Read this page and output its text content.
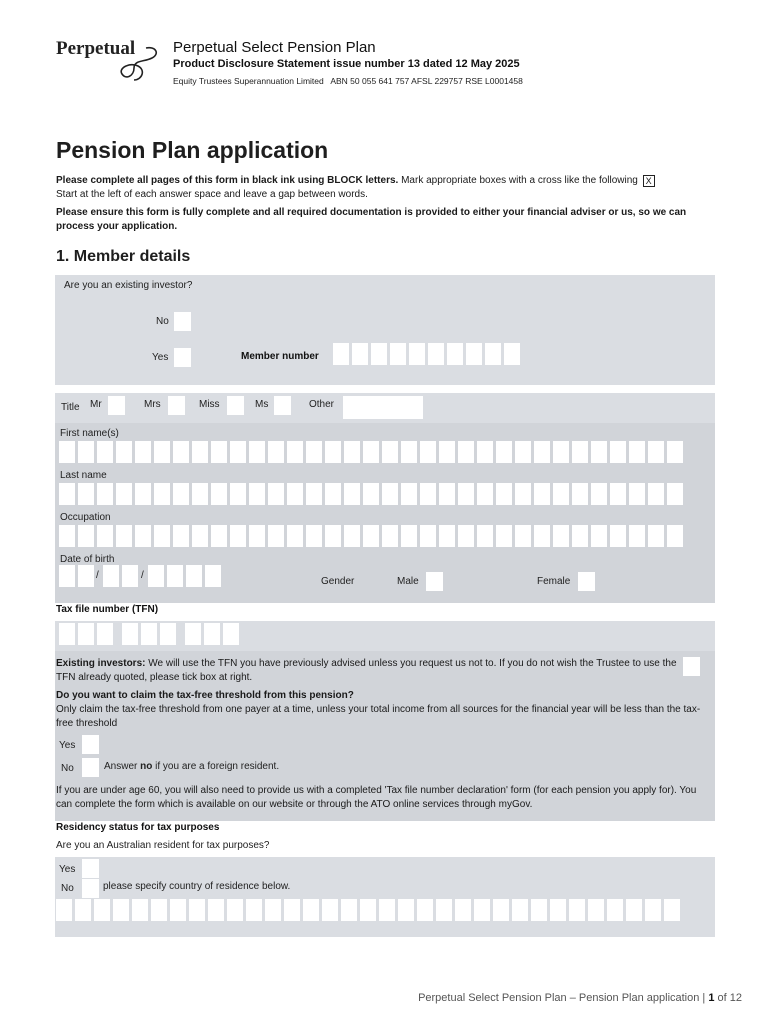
Perpetual	Perpetual Select Pension Plan
Product Disclosure Statement issue number 13 dated 12 May 2025
Equity Trustees Superannuation Limited   ABN 50 055 641 757 AFSL 229757 RSE L0001458
Pension Plan application
Please complete all pages of this form in black ink using BLOCK letters. Mark appropriate boxes with a cross like the following X
Start at the left of each answer space and leave a gap between words.
Please ensure this form is fully complete and all required documentation is provided to either your financial adviser or us, so we can process your application.
1. Member details
Are you an existing investor?
No
Yes	Member number
Title Mr	Mrs	Miss	Ms	Other
First name(s)
Last name
Occupation
Date of birth
/	/
Gender	Male	Female
Tax file number (TFN)
Existing investors: We will use the TFN you have previously advised unless you request us not to. If you do not wish the Trustee to use the TFN already quoted, please tick box at right.
Do you want to claim the tax-free threshold from this pension?
Only claim the tax-free threshold from one payer at a time, unless your total income from all sources for the financial year will be less than the tax-free threshold
Yes
No	Answer no if you are a foreign resident.
If you are under age 60, you will also need to provide us with a completed 'Tax file number declaration' form (for each pension you apply for). You can complete the form which is available on our website or through the ATO online services through myGov.
Residency status for tax purposes
Are you an Australian resident for tax purposes?
Yes
No	please specify country of residence below.
Perpetual Select Pension Plan – Pension Plan application | 1 of 12
